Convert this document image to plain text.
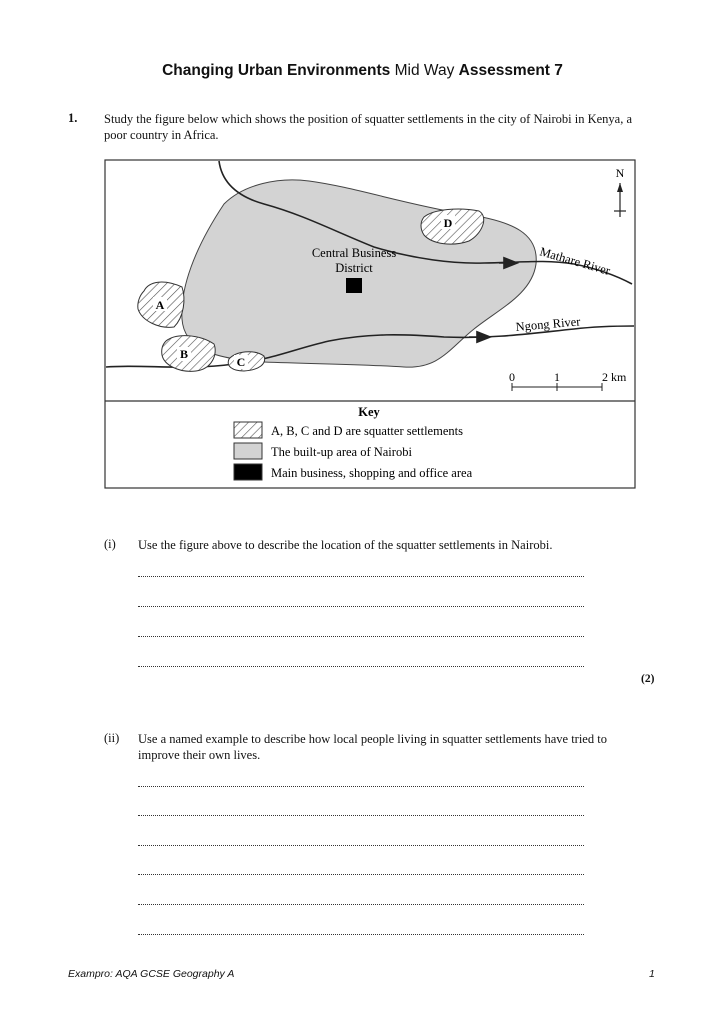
Changing Urban Environments Mid Way Assessment 7
1. Study the figure below which shows the position of squatter settlements in the city of Nairobi in Kenya, a poor country in Africa.
A
B
C
D
Central Business
District	Mathare River
Ngong River
N
0	1	2 km
Key
A, B, C and D are squatter settlements
The built-up area of Nairobi
Main business, shopping and office area
(i) Use the figure above to describe the location of the squatter settlements in Nairobi.
(2)
(ii) Use a named example to describe how local people living in squatter settlements have tried to improve their own lives.
Exampro: AQA GCSE Geography A	1
